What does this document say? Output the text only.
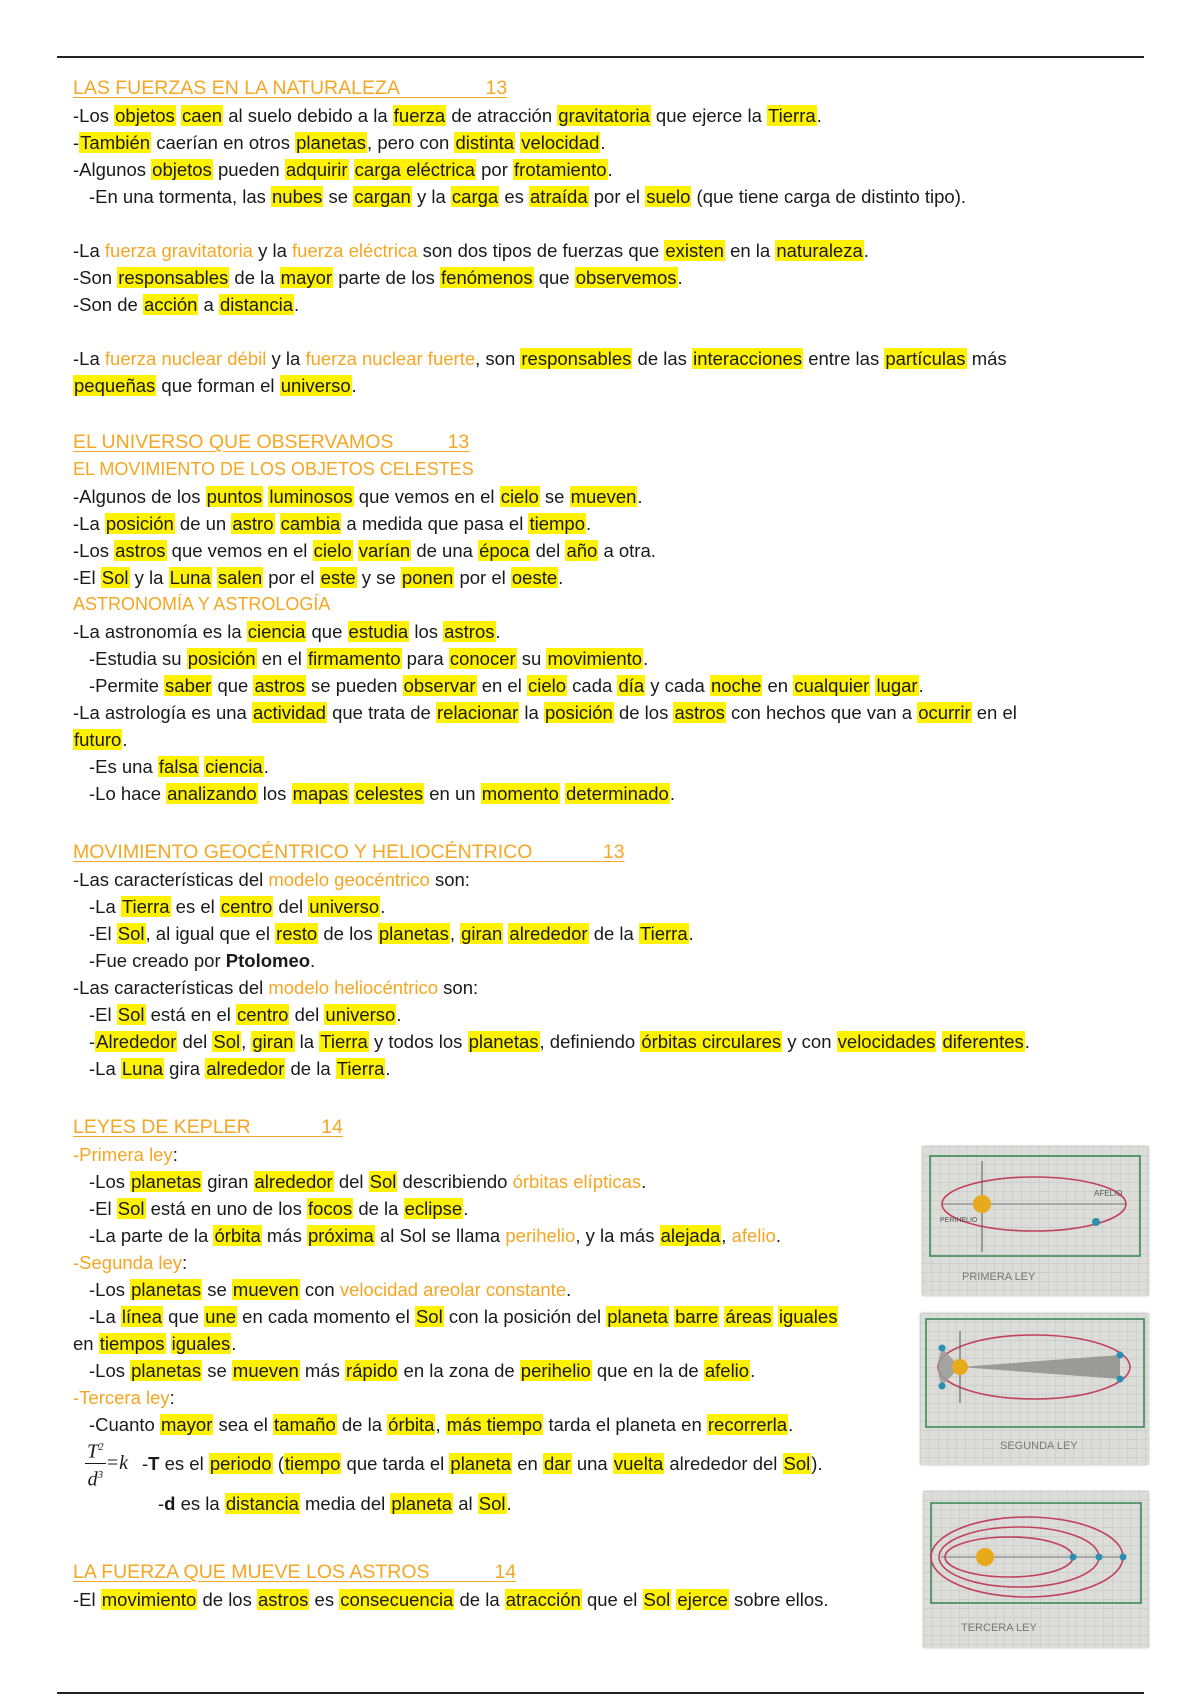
LAS FUERZAS EN LA NATURALEZA	13
-Los objetos caen al suelo debido a la fuerza de atracción gravitatoria que ejerce la Tierra.
-También caerían en otros planetas, pero con distinta velocidad.
-Algunos objetos pueden adquirir carga eléctrica por frotamiento.
-En una tormenta, las nubes se cargan y la carga es atraída por el suelo (que tiene carga de distinto tipo).
-La fuerza gravitatoria y la fuerza eléctrica son dos tipos de fuerzas que existen en la naturaleza.
-Son responsables de la mayor parte de los fenómenos que observemos.
-Son de acción a distancia.
-La fuerza nuclear débil y la fuerza nuclear fuerte, son responsables de las interacciones entre las partículas más
pequeñas que forman el universo.
EL UNIVERSO QUE OBSERVAMOS	13
EL MOVIMIENTO DE LOS OBJETOS CELESTES
-Algunos de los puntos luminosos que vemos en el cielo se mueven.
-La posición de un astro cambia a medida que pasa el tiempo.
-Los astros que vemos en el cielo varían de una época del año a otra.
-El Sol y la Luna salen por el este y se ponen por el oeste.
ASTRONOMÍA Y ASTROLOGÍA
-La astronomía es la ciencia que estudia los astros.
-Estudia su posición en el firmamento para conocer su movimiento.
-Permite saber que astros se pueden observar en el cielo cada día y cada noche en cualquier lugar.
-La astrología es una actividad que trata de relacionar la posición de los astros con hechos que van a ocurrir en el
futuro.
-Es una falsa ciencia.
-Lo hace analizando los mapas celestes en un momento determinado.
MOVIMIENTO GEOCÉNTRICO Y HELIOCÉNTRICO	13
-Las características del modelo geocéntrico son:
-La Tierra es el centro del universo.
-El Sol, al igual que el resto de los planetas, giran alrededor de la Tierra.
-Fue creado por Ptolomeo.
-Las características del modelo heliocéntrico son:
-El Sol está en el centro del universo.
-Alrededor del Sol, giran la Tierra y todos los planetas, definiendo órbitas circulares y con velocidades diferentes.
-La Luna gira alrededor de la Tierra.
LEYES DE KEPLER	14
-Primera ley:
-Los planetas giran alrededor del Sol describiendo órbitas elípticas.
-El Sol está en uno de los focos de la eclipse.
-La parte de la órbita más próxima al Sol se llama perihelio, y la más alejada, afelio.
-Segunda ley:
-Los planetas se mueven con velocidad areolar constante.
-La línea que une en cada momento el Sol con la posición del planeta barre áreas iguales
en tiempos iguales.
-Los planetas se mueven más rápido en la zona de perihelio que en la de afelio.
-Tercera ley:
-Cuanto mayor sea el tamaño de la órbita, más tiempo tarda el planeta en recorrerla.
$\frac{T^2}{d^3} =k$ -T es el periodo (tiempo que tarda el planeta en dar una vuelta alrededor del Sol).
-d es la distancia media del planeta al Sol.
LA FUERZA QUE MUEVE LOS ASTROS	14
-El movimiento de los astros es consecuencia de la atracción que el Sol ejerce sobre ellos.
AFELIO
PERIHELIO
PRIMERA LEY
SEGUNDA LEY
TERCERA LEY
